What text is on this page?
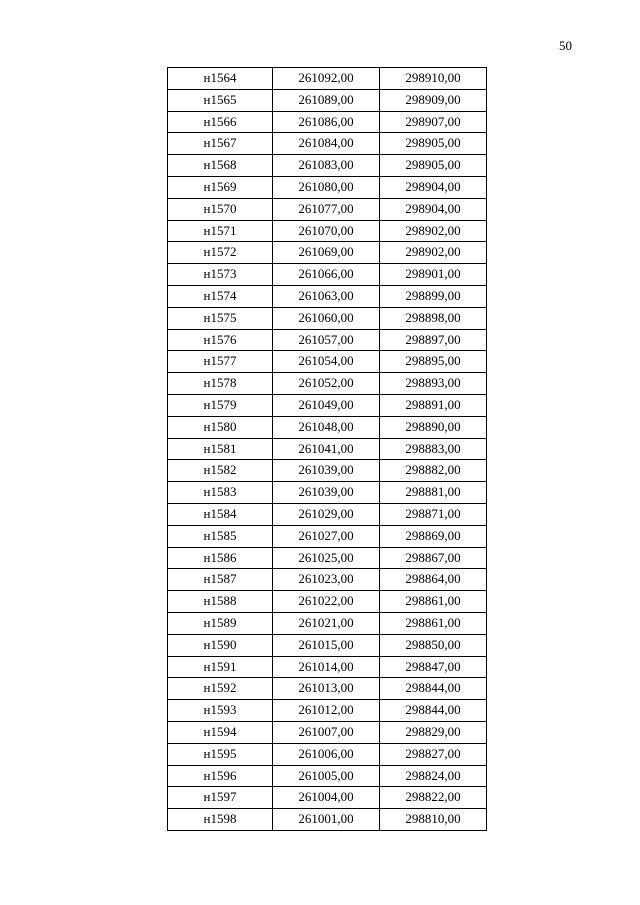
50
н1564	261092,00	298910,00
н1565	261089,00	298909,00
н1566	261086,00	298907,00
н1567	261084,00	298905,00
н1568	261083,00	298905,00
н1569	261080,00	298904,00
н1570	261077,00	298904,00
н1571	261070,00	298902,00
н1572	261069,00	298902,00
н1573	261066,00	298901,00
н1574	261063,00	298899,00
н1575	261060,00	298898,00
н1576	261057,00	298897,00
н1577	261054,00	298895,00
н1578	261052,00	298893,00
н1579	261049,00	298891,00
н1580	261048,00	298890,00
н1581	261041,00	298883,00
н1582	261039,00	298882,00
н1583	261039,00	298881,00
н1584	261029,00	298871,00
н1585	261027,00	298869,00
н1586	261025,00	298867,00
н1587	261023,00	298864,00
н1588	261022,00	298861,00
н1589	261021,00	298861,00
н1590	261015,00	298850,00
н1591	261014,00	298847,00
н1592	261013,00	298844,00
н1593	261012,00	298844,00
н1594	261007,00	298829,00
н1595	261006,00	298827,00
н1596	261005,00	298824,00
н1597	261004,00	298822,00
н1598	261001,00	298810,00
